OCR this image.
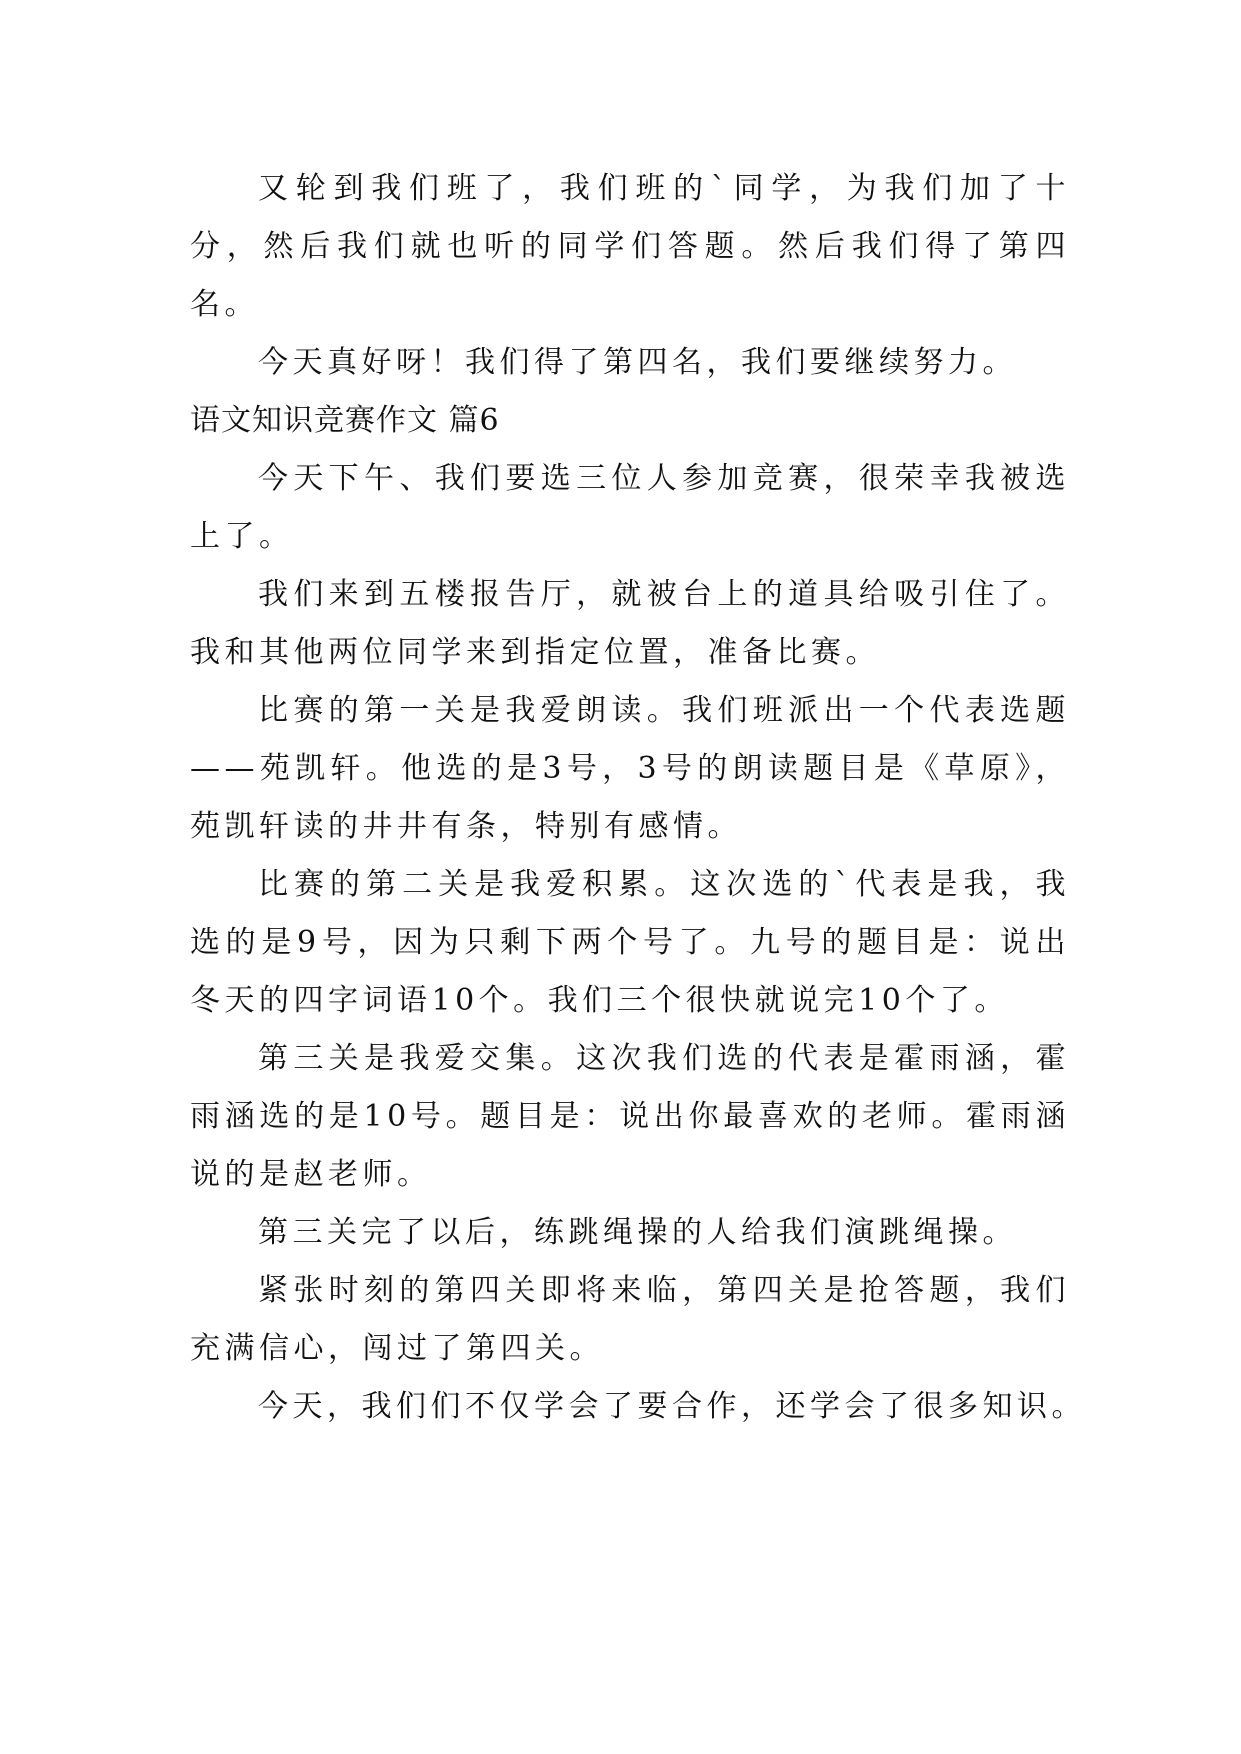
又轮到我们班了，我们班的`同学，为我们加了十分，然后我们就也听的同学们答题。然后我们得了第四名。

今天真好呀！我们得了第四名，我们要继续努力。

语文知识竞赛作文 篇6

今天下午、我们要选三位人参加竞赛，很荣幸我被选上了。

我们来到五楼报告厅，就被台上的道具给吸引住了。我和其他两位同学来到指定位置，准备比赛。

比赛的第一关是我爱朗读。我们班派出一个代表选题——苑凯轩。他选的是3号，3号的朗读题目是《草原》，苑凯轩读的井井有条，特别有感情。

比赛的第二关是我爱积累。这次选的`代表是我，我选的是9号，因为只剩下两个号了。九号的题目是：说出冬天的四字词语10个。我们三个很快就说完10个了。

第三关是我爱交集。这次我们选的代表是霍雨涵，霍雨涵选的是10号。题目是：说出你最喜欢的老师。霍雨涵说的是赵老师。

第三关完了以后，练跳绳操的人给我们演跳绳操。

紧张时刻的第四关即将来临，第四关是抢答题，我们充满信心，闯过了第四关。

今天，我们们不仅学会了要合作，还学会了很多知识。
